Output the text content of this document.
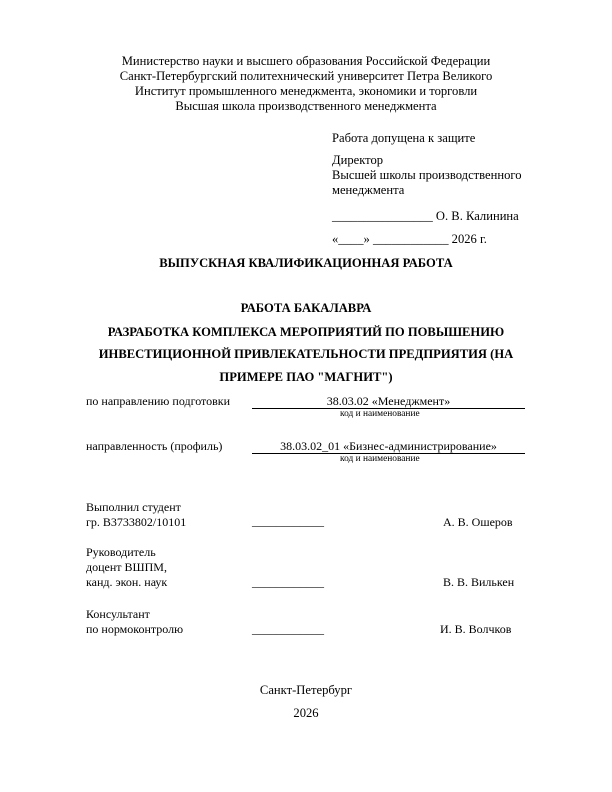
Министерство науки и высшего образования Российской Федерации
Санкт-Петербургский политехнический университет Петра Великого
Институт промышленного менеджмента, экономики и торговли
Высшая школа производственного менеджмента
Работа допущена к защите
Директор
Высшей школы производственного
менеджмента
________________ О. В. Калинина
«____» ____________ 2026 г.
ВЫПУСКНАЯ КВАЛИФИКАЦИОННАЯ РАБОТА
РАБОТА БАКАЛАВРА
РАЗРАБОТКА КОМПЛЕКСА МЕРОПРИЯТИЙ ПО ПОВЫШЕНИЮ
ИНВЕСТИЦИОННОЙ ПРИВЛЕКАТЕЛЬНОСТИ ПРЕДПРИЯТИЯ (НА
ПРИМЕРЕ ПАО "МАГНИТ")
по направлению подготовки	38.03.02 «Менеджмент»
код и наименование
направленность (профиль)	38.03.02_01 «Бизнес-администрирование»
код и наименование
Выполнил студент
гр. В3733802/10101	____________	А. В. Ошеров
Руководитель
доцент ВШПМ,
канд. экон. наук	____________	В. В. Вилькен
Консультант
по нормоконтролю	____________	И. В. Волчков
Санкт-Петербург
2026
